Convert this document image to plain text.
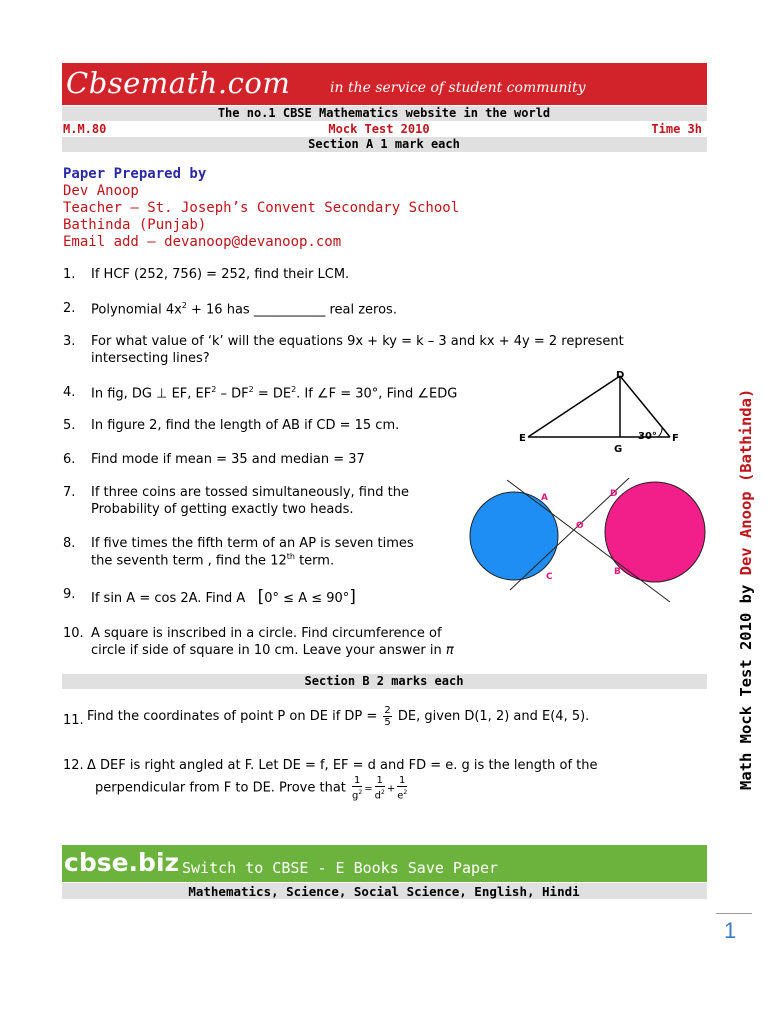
Cbsemath.com	in the service of student community
The no.1 CBSE Mathematics website in the world
M.M.80	Mock Test 2010	Time 3h
Section A 1 mark each
Paper Prepared by
Dev Anoop
Teacher – St. Joseph’s Convent Secondary School
Bathinda (Punjab)
Email add – devanoop@devanoop.com
1. If HCF (252, 756) = 252, find their LCM.
2. Polynomial $4x^2 + 16$ has ___________ real zeros.
3. For what value of ‘k’ will the equations 9x + ky = k – 3 and kx + 4y = 2 represent
intersecting lines?
4. In fig, DG ⊥ EF, $EF^2 - DF^2 = DE^2$. If ∠F = 30°, Find ∠EDG
5. In figure 2, find the length of AB if CD = 15 cm.
6. Find mode if mean = 35 and median = 37
7. If three coins are tossed simultaneously, find the
Probability of getting exactly two heads.
8. If five times the fifth term of an AP is seven times
the seventh term , find the 12th term.
9. If sin A = cos 2A. Find A [0° ≤ A ≤ 90°]
10. A square is inscribed in a circle. Find circumference of
circle if side of square in 10 cm. Leave your answer in π
Section B 2 marks each
11. Find the coordinates of point P on DE if DP = $\frac{2}{5}$ DE, given D(1, 2) and E(4, 5).
12. Δ DEF is right angled at F. Let DE = f, EF = d and FD = e. g is the length of the
perpendicular from F to DE. Prove that $\frac{1}{g^2} = \frac{1}{d^2} + \frac{1}{e^2}$
D
E
G
F
30°
A	D
O
C	B
cbse.biz Switch to CBSE - E Books Save Paper
Mathematics, Science, Social Science, English, Hindi
Math Mock Test 2010 by Dev Anoop (Bathinda)
1
